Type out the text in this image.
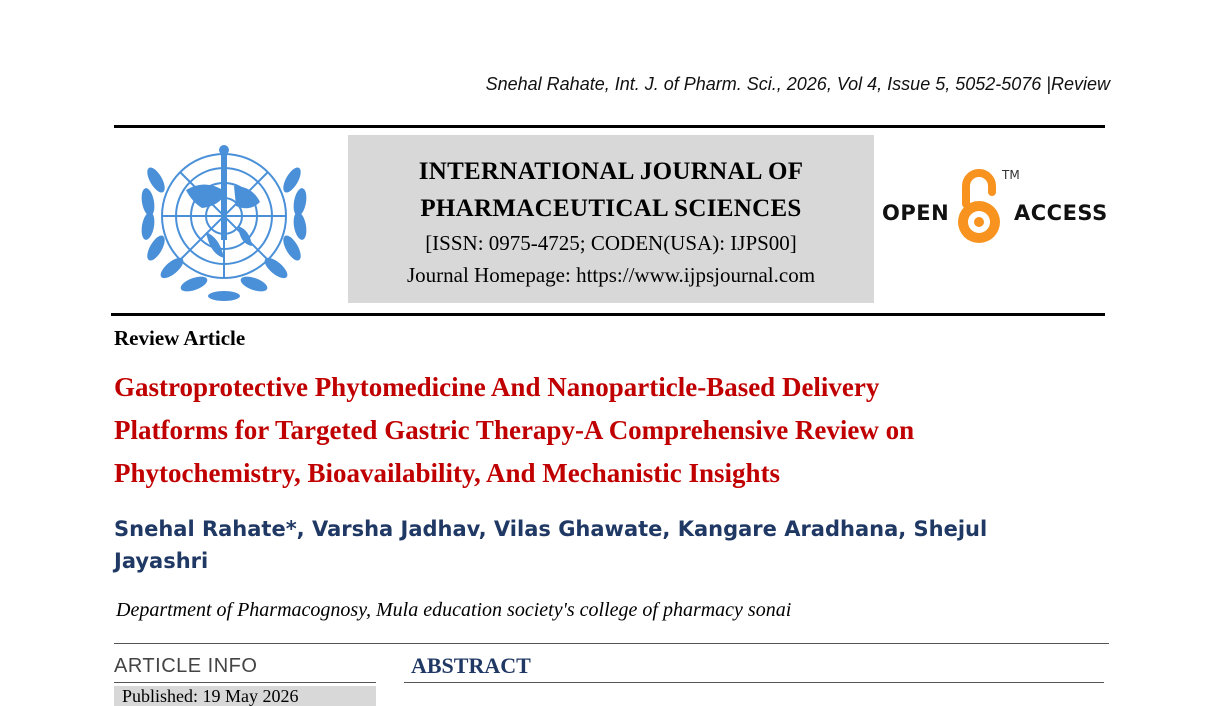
Snehal Rahate, Int. J. of Pharm. Sci., 2026, Vol 4, Issue 5, 5052-5076 |Review
INTERNATIONAL JOURNAL OF
PHARMACEUTICAL SCIENCES
[ISSN: 0975-4725; CODEN(USA): IJPS00]
Journal Homepage: https://www.ijpsjournal.com
OPEN
TM
ACCESS
Review Article
Gastroprotective Phytomedicine And Nanoparticle-Based Delivery
Platforms for Targeted Gastric Therapy-A Comprehensive Review on
Phytochemistry, Bioavailability, And Mechanistic Insights
Snehal Rahate*, Varsha Jadhav, Vilas Ghawate, Kangare Aradhana, Shejul
Jayashri
Department of Pharmacognosy, Mula education society's college of pharmacy sonai
ARTICLE INFO	ABSTRACT
Published: 19 May 2026
